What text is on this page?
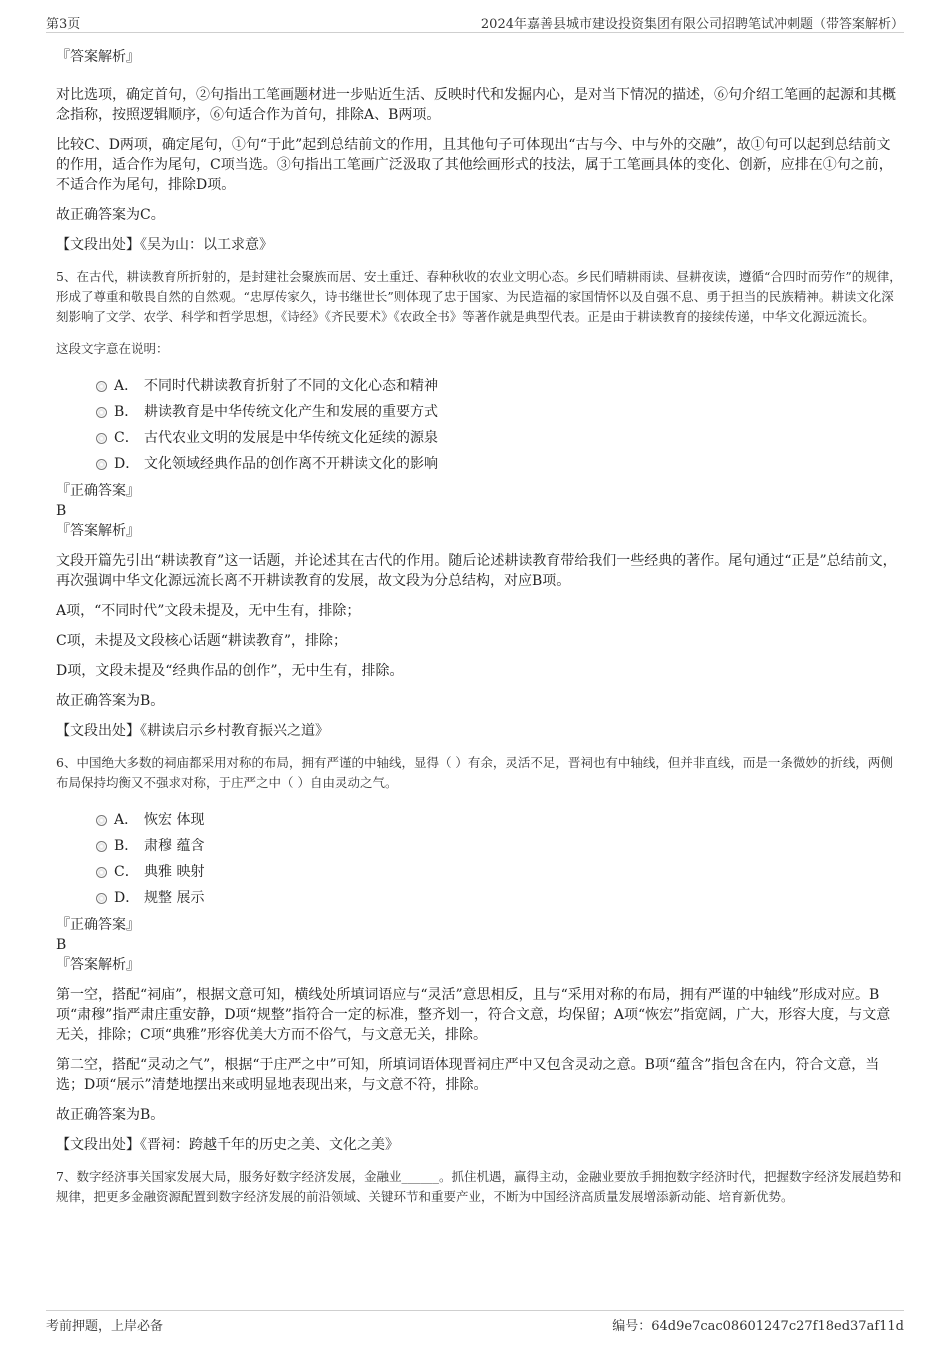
第3页	2024年嘉善县城市建设投资集团有限公司招聘笔试冲刺题（带答案解析）

『答案解析』

对比选项，确定首句，②句指出工笔画题材进一步贴近生活、反映时代和发掘内心，是对当下情况的描述，⑥句介绍工笔画的起源和其概念指称，按照逻辑顺序，⑥句适合作为首句，排除A、B两项。

比较C、D两项，确定尾句，①句“于此”起到总结前文的作用，且其他句子可体现出“古与今、中与外的交融”，故①句可以起到总结前文的作用，适合作为尾句，C项当选。③句指出工笔画广泛汲取了其他绘画形式的技法，属于工笔画具体的变化、创新，应排在①句之前，不适合作为尾句，排除D项。

故正确答案为C。

【文段出处】《吴为山：以工求意》

5、在古代，耕读教育所折射的，是封建社会聚族而居、安土重迁、春种秋收的农业文明心态。乡民们晴耕雨读、昼耕夜读，遵循“合四时而劳作”的规律，形成了尊重和敬畏自然的自然观。“忠厚传家久，诗书继世长”则体现了忠于国家、为民造福的家国情怀以及自强不息、勇于担当的民族精神。耕读文化深刻影响了文学、农学、科学和哲学思想，《诗经》《齐民要术》《农政全书》等著作就是典型代表。正是由于耕读教育的接续传递，中华文化源远流长。

这段文字意在说明：

A． 不同时代耕读教育折射了不同的文化心态和精神
B． 耕读教育是中华传统文化产生和发展的重要方式
C． 古代农业文明的发展是中华传统文化延续的源泉
D． 文化领域经典作品的创作离不开耕读文化的影响

『正确答案』

B

『答案解析』

文段开篇先引出“耕读教育”这一话题，并论述其在古代的作用。随后论述耕读教育带给我们一些经典的著作。尾句通过“正是”总结前文，再次强调中华文化源远流长离不开耕读教育的发展，故文段为分总结构，对应B项。

A项，“不同时代”文段未提及，无中生有，排除；

C项，未提及文段核心话题“耕读教育”，排除；

D项，文段未提及“经典作品的创作”，无中生有，排除。

故正确答案为B。

【文段出处】《耕读启示乡村教育振兴之道》

6、中国绝大多数的祠庙都采用对称的布局，拥有严谨的中轴线，显得（ ）有余，灵活不足，晋祠也有中轴线，但并非直线，而是一条微妙的折线，两侧布局保持均衡又不强求对称，于庄严之中（ ）自由灵动之气。

A． 恢宏 体现
B． 肃穆 蕴含
C． 典雅 映射
D． 规整 展示

『正确答案』

B

『答案解析』

第一空，搭配“祠庙”，根据文意可知，横线处所填词语应与“灵活”意思相反，且与“采用对称的布局，拥有严谨的中轴线”形成对应。B项“肃穆”指严肃庄重安静，D项“规整”指符合一定的标准，整齐划一，符合文意，均保留；A项“恢宏”指宽阔，广大，形容大度，与文意无关，排除；C项“典雅”形容优美大方而不俗气，与文意无关，排除。

第二空，搭配“灵动之气”，根据“于庄严之中”可知，所填词语体现晋祠庄严中又包含灵动之意。B项“蕴含”指包含在内，符合文意，当选；D项“展示”清楚地摆出来或明显地表现出来，与文意不符，排除。

故正确答案为B。

【文段出处】《晋祠：跨越千年的历史之美、文化之美》

7、数字经济事关国家发展大局，服务好数字经济发展，金融业______。抓住机遇，赢得主动，金融业要放手拥抱数字经济时代，把握数字经济发展趋势和规律，把更多金融资源配置到数字经济发展的前沿领域、关键环节和重要产业，不断为中国经济高质量发展增添新动能、培育新优势。

考前押题，上岸必备	编号：64d9e7cac08601247c27f18ed37af11d
